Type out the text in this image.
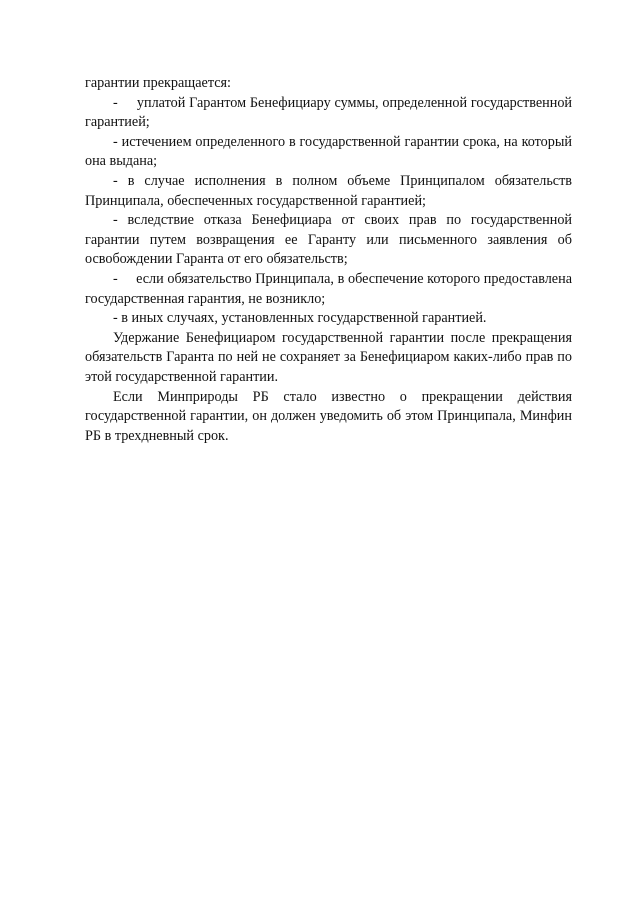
гарантии прекращается:

-     уплатой Гарантом Бенефициару суммы, определенной государственной гарантией;

- истечением определенного в государственной гарантии срока, на который она выдана;

- в случае исполнения в полном объеме Принципалом обязательств Принципала, обеспеченных государственной гарантией;

- вследствие отказа Бенефициара от своих прав по государственной гарантии путем возвращения ее Гаранту или письменного заявления об освобождении Гаранта от его обязательств;

-     если обязательство Принципала, в обеспечение которого предоставлена государственная гарантия, не возникло;

- в иных случаях, установленных государственной гарантией.

Удержание Бенефициаром государственной гарантии после прекращения обязательств Гаранта по ней не сохраняет за Бенефициаром каких-либо прав по этой государственной гарантии.

Если Минприроды РБ стало известно о прекращении действия государственной гарантии, он должен уведомить об этом Принципала, Минфин РБ в трехдневный срок.
